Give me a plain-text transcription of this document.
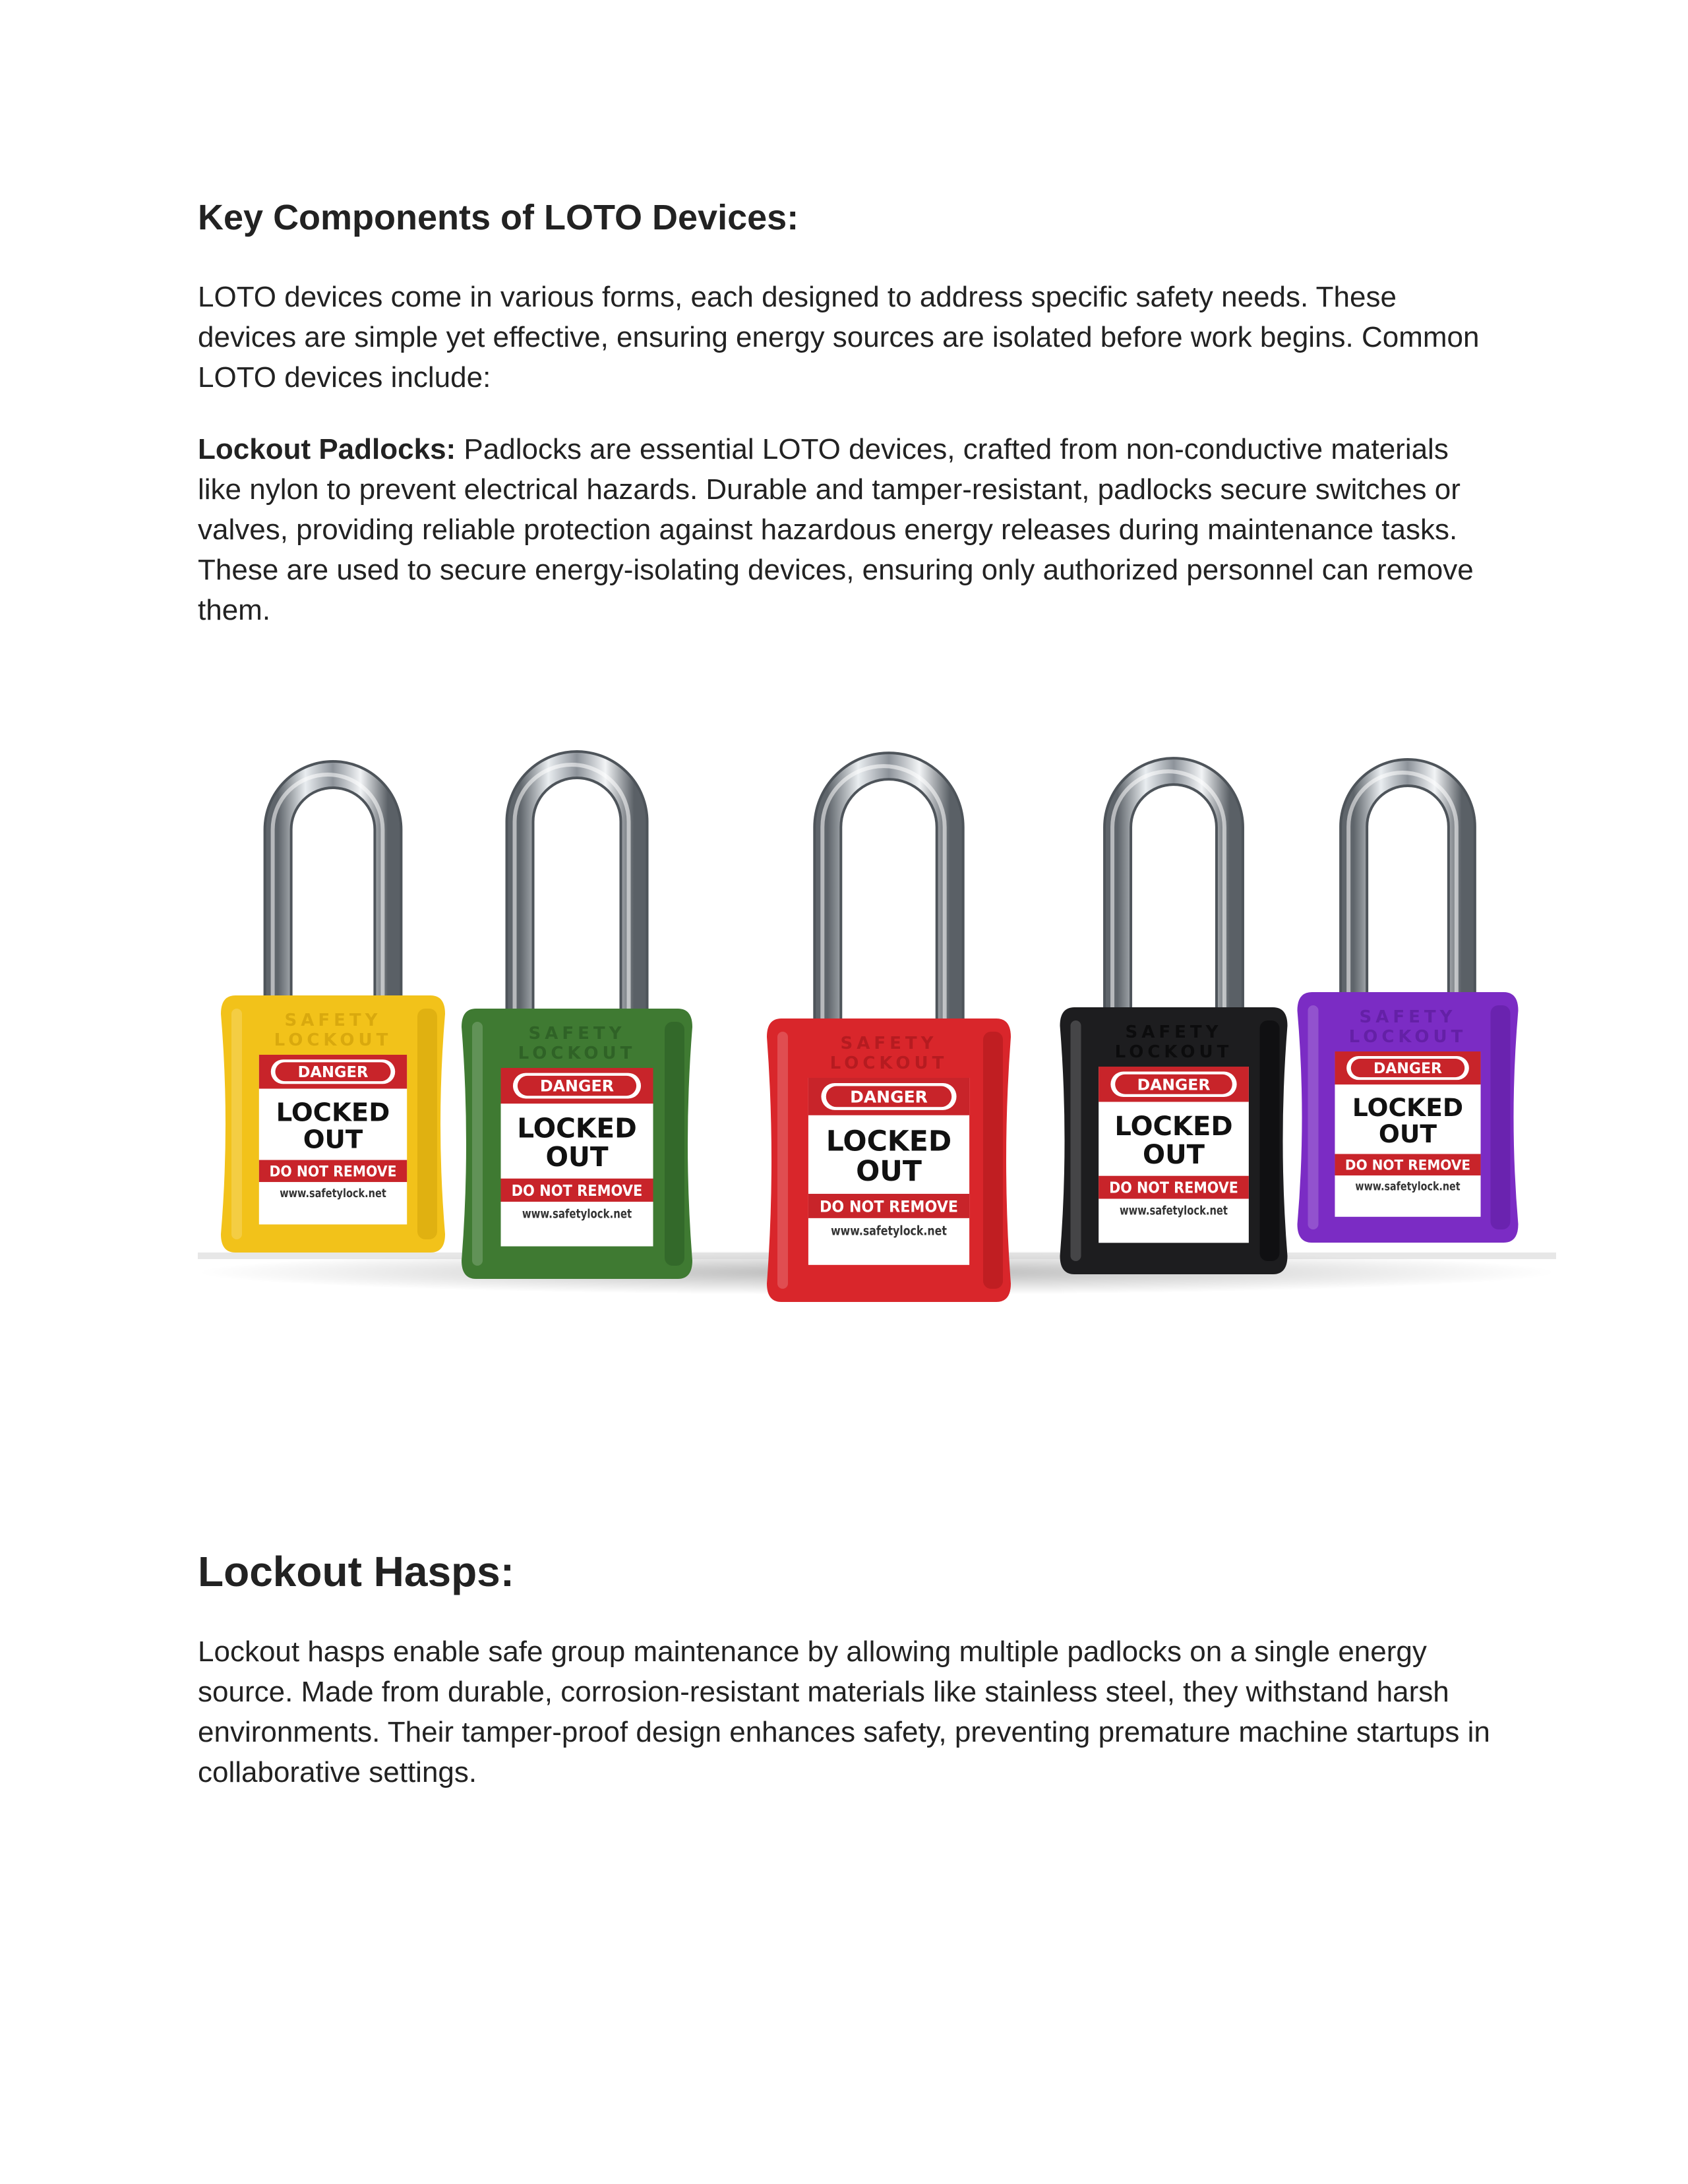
Key Components of LOTO Devices:

LOTO devices come in various forms, each designed to address specific safety needs. These devices are simple yet effective, ensuring energy sources are isolated before work begins. Common LOTO devices include:

Lockout Padlocks: Padlocks are essential LOTO devices, crafted from non-conductive materials like nylon to prevent electrical hazards. Durable and tamper-resistant, padlocks secure switches or valves, providing reliable protection against hazardous energy releases during maintenance tasks. These are used to secure energy-isolating devices, ensuring only authorized personnel can remove them.

SAFETY
LOCKOUT
DANGER
LOCKED
OUT
DO NOT REMOVE
www.safetylock.net
SAFETY
LOCKOUT
DANGER
LOCKED
OUT
DO NOT REMOVE
www.safetylock.net
SAFETY
LOCKOUT
DANGER
LOCKED
OUT
DO NOT REMOVE
www.safetylock.net
SAFETY
LOCKOUT
DANGER
LOCKED
OUT
DO NOT REMOVE
www.safetylock.net
SAFETY
LOCKOUT
DANGER
LOCKED
OUT
DO NOT REMOVE
www.safetylock.net
Lockout Hasps:

Lockout hasps enable safe group maintenance by allowing multiple padlocks on a single energy source. Made from durable, corrosion-resistant materials like stainless steel, they withstand harsh environments. Their tamper-proof design enhances safety, preventing premature machine startups in collaborative settings.
